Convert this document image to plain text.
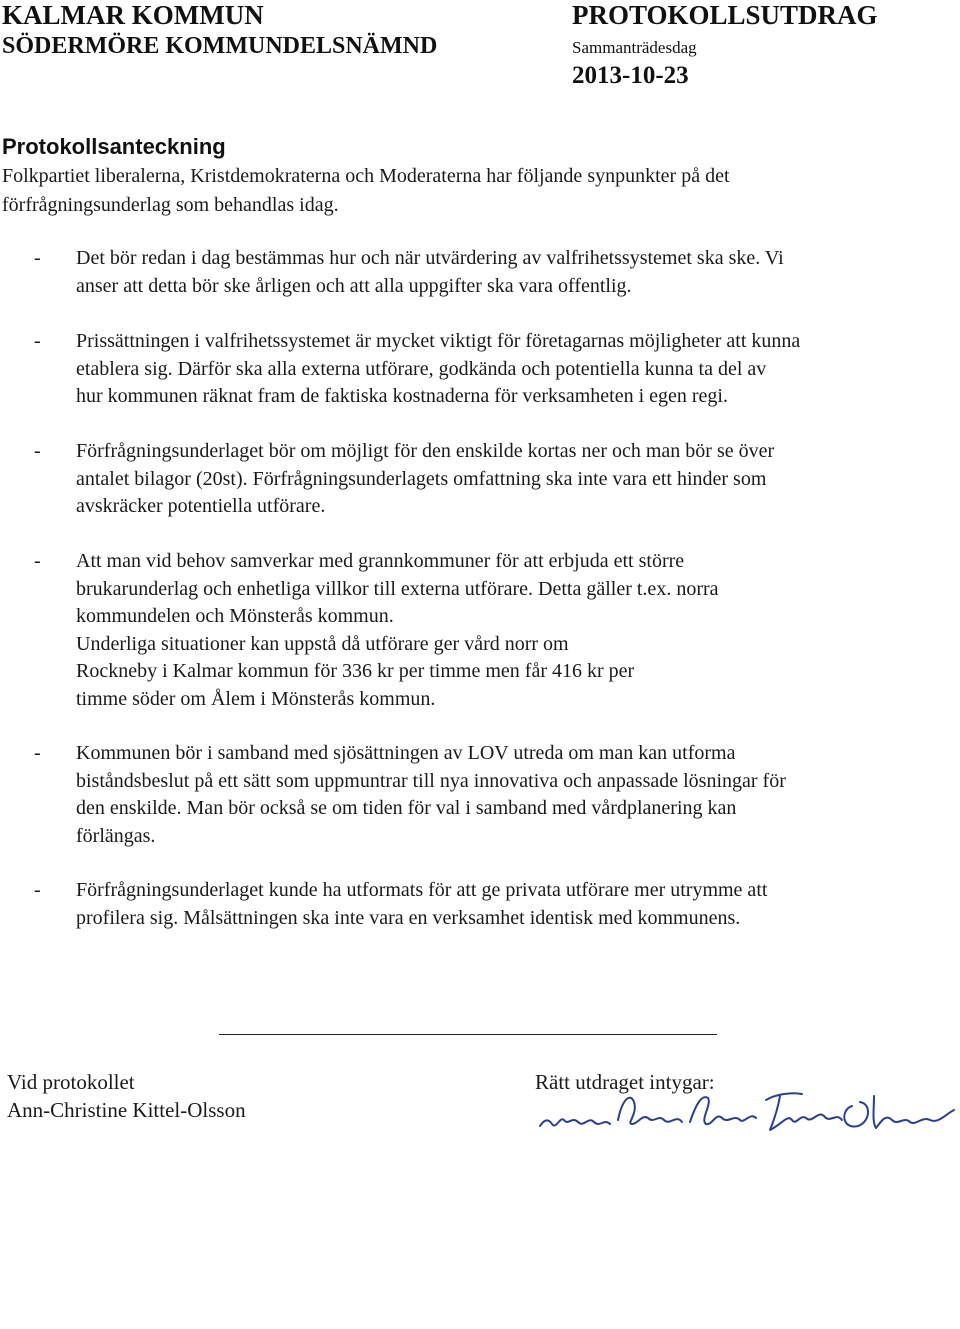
KALMAR KOMMUN
SÖDERMÖRE KOMMUNDELSNÄMND
PROTOKOLLSUTDRAG
Sammanträdesdag
2013-10-23
Protokollsanteckning
Folkpartiet liberalerna, Kristdemokraterna och Moderaterna har följande synpunkter på det
förfrågningsunderlag som behandlas idag.
- Det bör redan i dag bestämmas hur och när utvärdering av valfrihetssystemet ska ske. Vi
anser att detta bör ske årligen och att alla uppgifter ska vara offentlig.
- Prissättningen i valfrihetssystemet är mycket viktigt för företagarnas möjligheter att kunna
etablera sig. Därför ska alla externa utförare, godkända och potentiella kunna ta del av
hur kommunen räknat fram de faktiska kostnaderna för verksamheten i egen regi.
- Förfrågningsunderlaget bör om möjligt för den enskilde kortas ner och man bör se över
antalet bilagor (20st). Förfrågningsunderlagets omfattning ska inte vara ett hinder som
avskräcker potentiella utförare.
- Att man vid behov samverkar med grannkommuner för att erbjuda ett större
brukarunderlag och enhetliga villkor till externa utförare. Detta gäller t.ex. norra
kommundelen och Mönsterås kommun.
Underliga situationer kan uppstå då utförare ger vård norr om
Rockneby i Kalmar kommun för 336 kr per timme men får 416 kr per
timme söder om Ålem i Mönsterås kommun.
- Kommunen bör i samband med sjösättningen av LOV utreda om man kan utforma
biståndsbeslut på ett sätt som uppmuntrar till nya innovativa och anpassade lösningar för
den enskilde. Man bör också se om tiden för val i samband med vårdplanering kan
förlängas.
- Förfrågningsunderlaget kunde ha utformats för att ge privata utförare mer utrymme att
profilera sig. Målsättningen ska inte vara en verksamhet identisk med kommunens.
Vid protokollet
Ann-Christine Kittel-Olsson
Rätt utdraget intygar:
